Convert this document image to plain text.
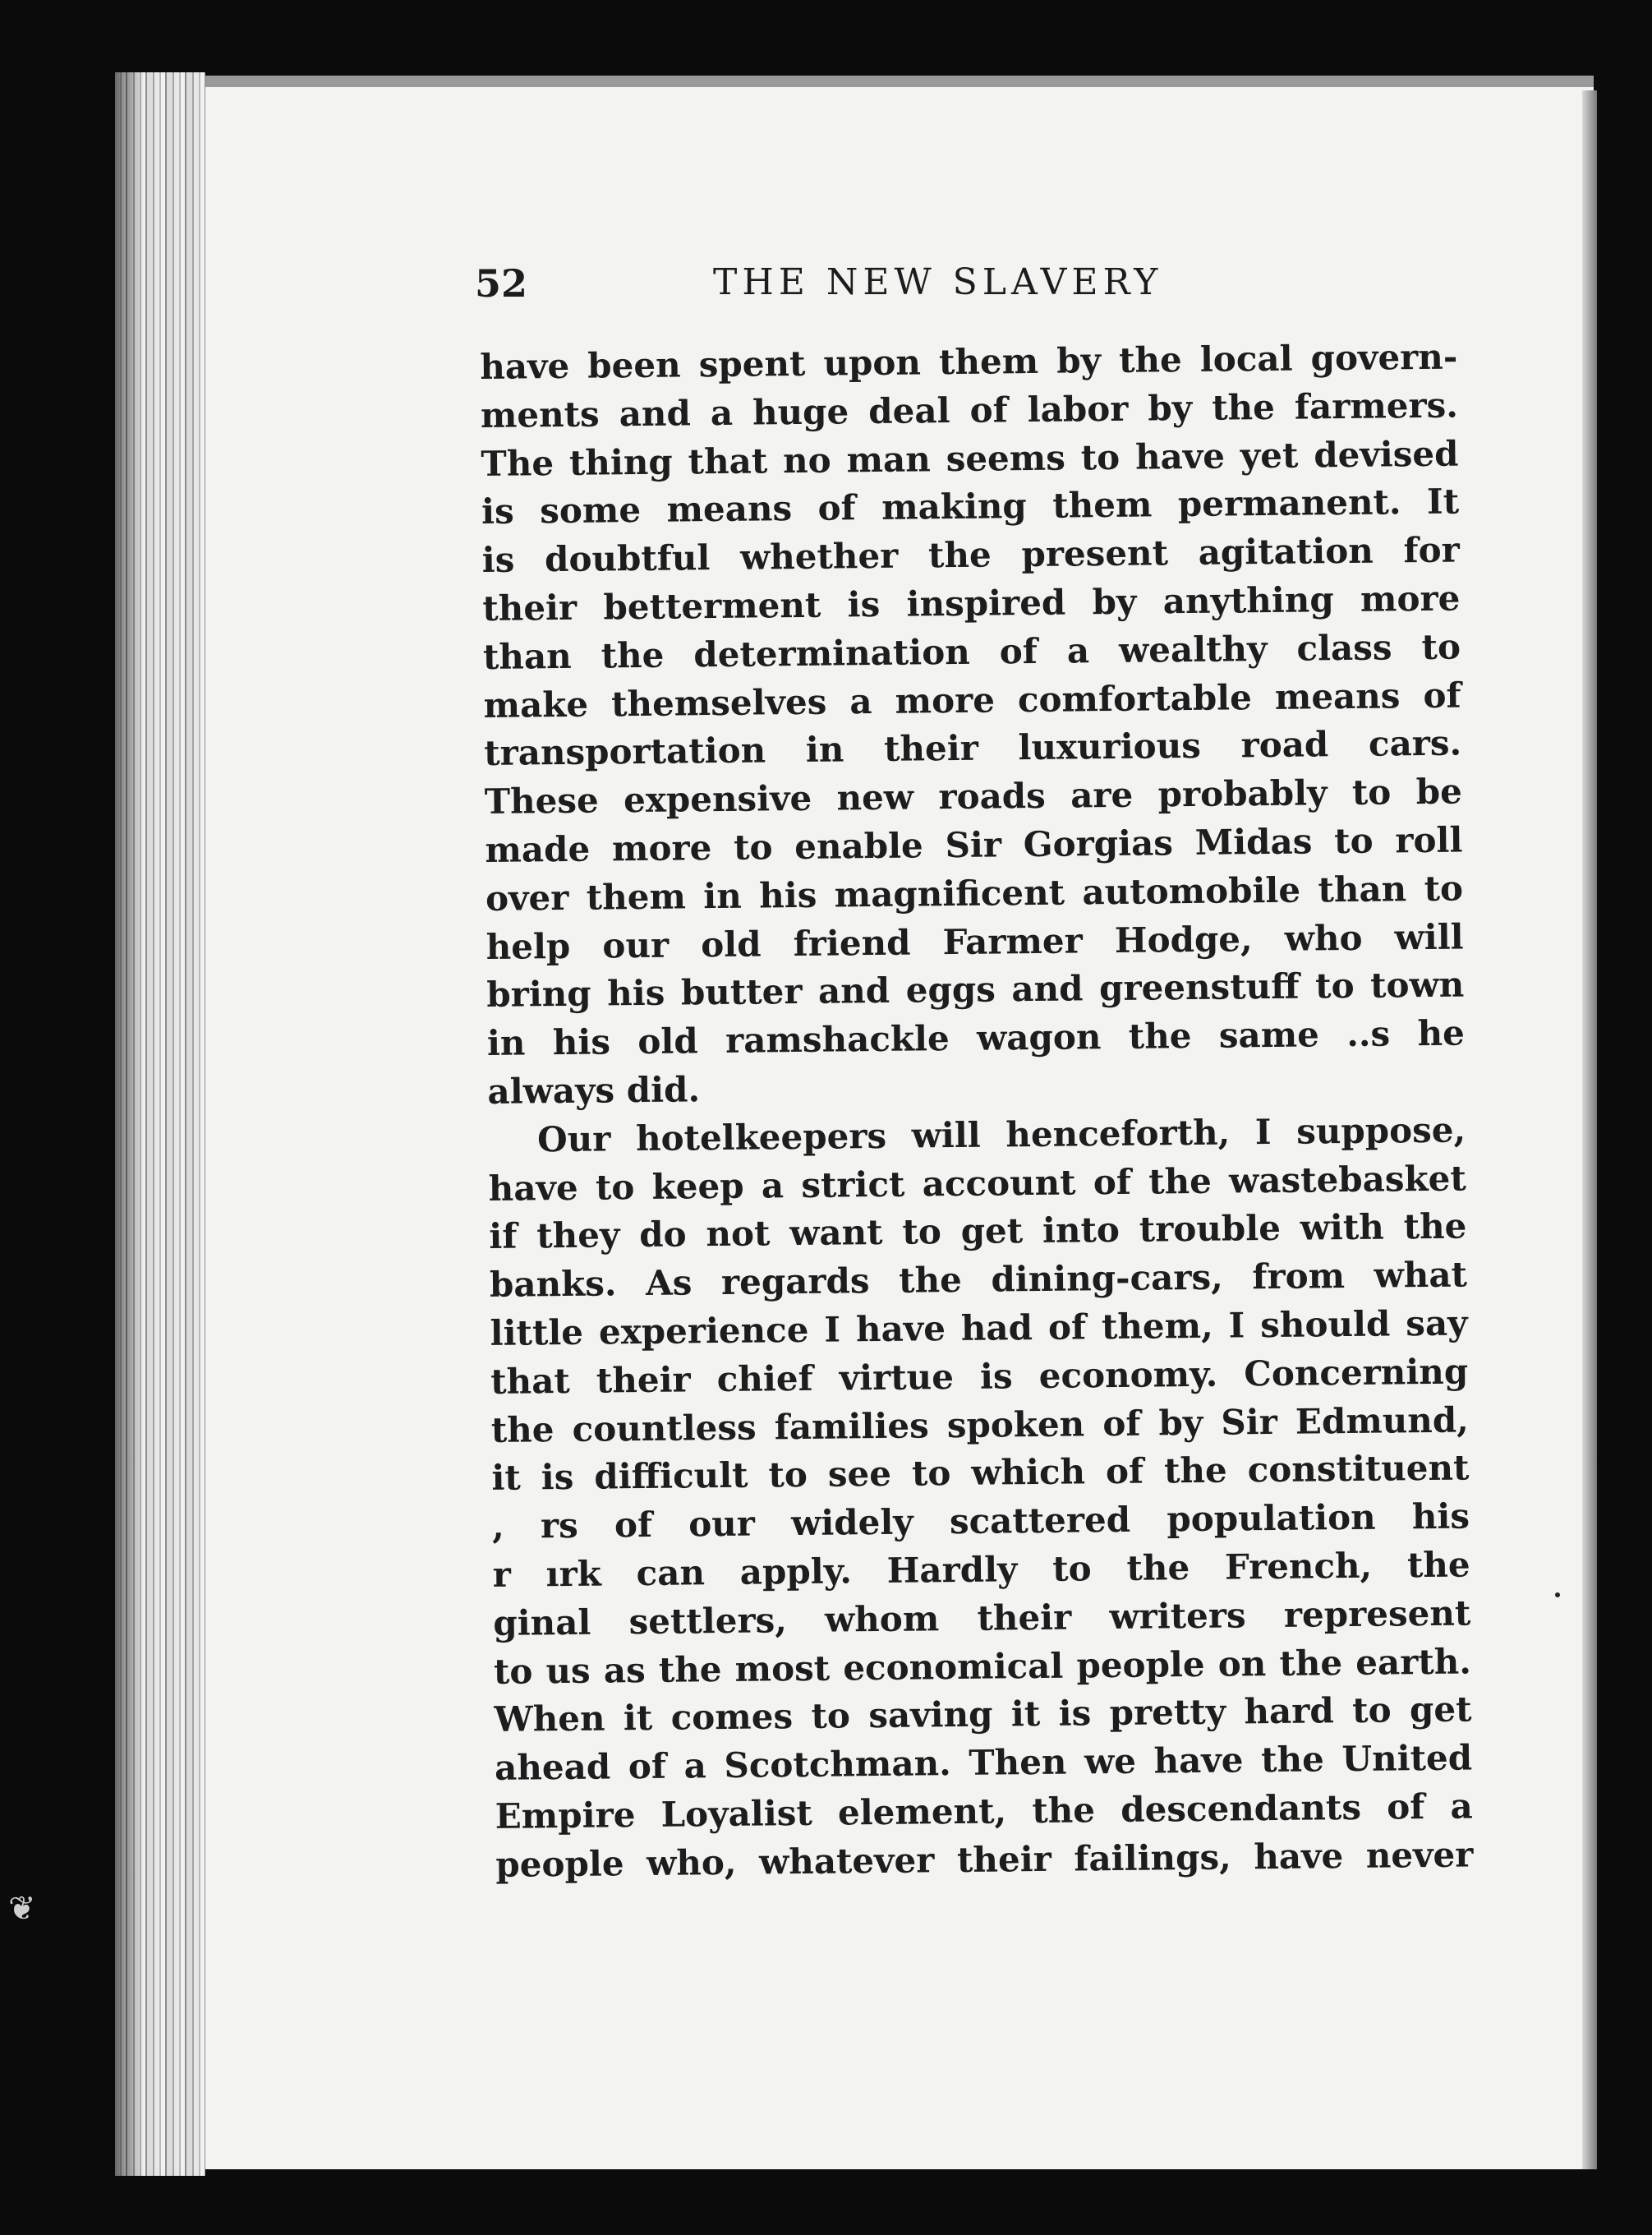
❦
52	THE NEW SLAVERY
have been spent upon them by the local govern-
ments and a huge deal of labor by the farmers.
The thing that no man seems to have yet devised
is some means of making them permanent. It
is doubtful whether the present agitation for
their betterment is inspired by anything more
than the determination of a wealthy class to
make themselves a more comfortable means of
transportation in their luxurious road cars.
These expensive new roads are probably to be
made more to enable Sir Gorgias Midas to roll
over them in his magnificent automobile than to
help our old friend Farmer Hodge, who will
bring his butter and eggs and greenstuff to town
in his old ramshackle wagon the same ..s he
always did.
Our hotelkeepers will henceforth, I suppose,
have to keep a strict account of the wastebasket
if they do not want to get into trouble with the
banks. As regards the dining-cars, from what
little experience I have had of them, I should say
that their chief virtue is economy. Concerning
the countless families spoken of by Sir Edmund,
it is difficult to see to which of the constituent
, rs of our widely scattered population his
r ırk can apply. Hardly to the French, the
ginal settlers, whom their writers represent
to us as the most economical people on the earth.
When it comes to saving it is pretty hard to get
ahead of a Scotchman. Then we have the United
Empire Loyalist element, the descendants of a
people who, whatever their failings, have never
